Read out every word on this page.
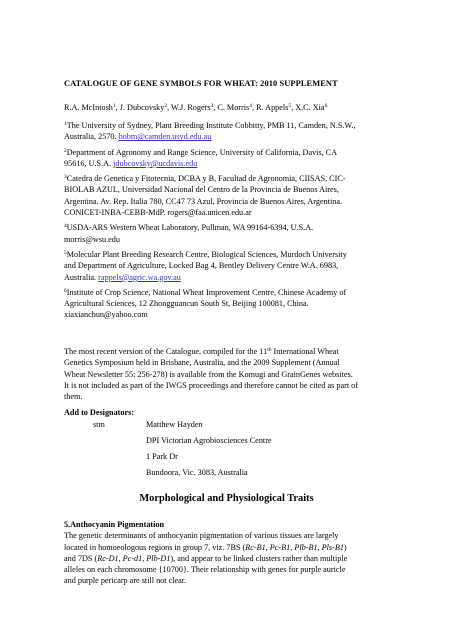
CATALOGUE OF GENE SYMBOLS FOR WHEAT: 2010 SUPPLEMENT
R.A. McIntosh$^1$, J. Dubcovsky$^2$, W.J. Rogers$^3$, C. Morris$^4$, R. Appels$^5$, X.C. Xia$^6$
$^1$The University of Sydney, Plant Breeding Institute Cobbitty, PMB 11, Camden, N.S.W.,
Australia, 2570. bobm@camden.usyd.edu.au
$^2$Department of Agronomy and Range Science, University of California, Davis, CA
95616, U.S.A. jdubcovsky@ucdavis.edu
$^3$Catedra de Genetica y Fitotecnia, DCBA y B, Facultad de Agronomia, CIISAS, CIC-
BIOLAB AZUL, Universidad Nacional del Centro de la Provincia de Buenos Aires,
Argentina. Av. Rep. Italia 780, CC47 73 Azul, Provincia de Buenos Aires, Argentina.
CONICET-INBA-CEBB-MdP. rogers@faa.unicen.edu.ar
$^4$USDA-ARS Western Wheat Laboratory, Pullman, WA 99164-6394, U.S.A.
morris@wsu.edu
$^5$Molecular Plant Breeding Research Centre, Biological Sciences, Murdoch University
and Department of Agriculture, Locked Bag 4, Bentley Delivery Centre W.A. 6983,
Australia. rappels@agric.wa.gov.au
$^6$Institute of Crop Science, National Wheat Improvement Centre, Chinese Academy of
Agricultural Sciences, 12 Zhongguancun South St, Beijing 100081, China.
xiaxianchun@yahoo.com
The most recent version of the Catalogue, compiled for the 11th International Wheat
Genetics Symposium held in Brisbane, Australia, and the 2009 Supplement (Annual
Wheat Newsletter 55: 256-278) is available from the Komugi and GrainGenes websites.
It is not included as part of the IWGS proceedings and therefore cannot be cited as part of
them.
Add to Designators:
stm	Matthew Hayden
DPI Victorian Agrobiosciences Centre
1 Park Dr
Bundoora, Vic. 3083, Australia
Morphological and Physiological Traits
5.Anthocyanin Pigmentation
The genetic determinants of anthocyanin pigmentation of various tissues are largely
located in homoeologous regions in group 7, viz. 7BS (Rc-B1, Pc-B1, Plb-B1, Pls-B1)
and 7DS (Rc-D1, Pc-d1, Plb-D1), and appear to be linked clusters rather than multiple
alleles on each chromosome {10700}. Their relationship with genes for purple auricle
and purple pericarp are still not clear.
